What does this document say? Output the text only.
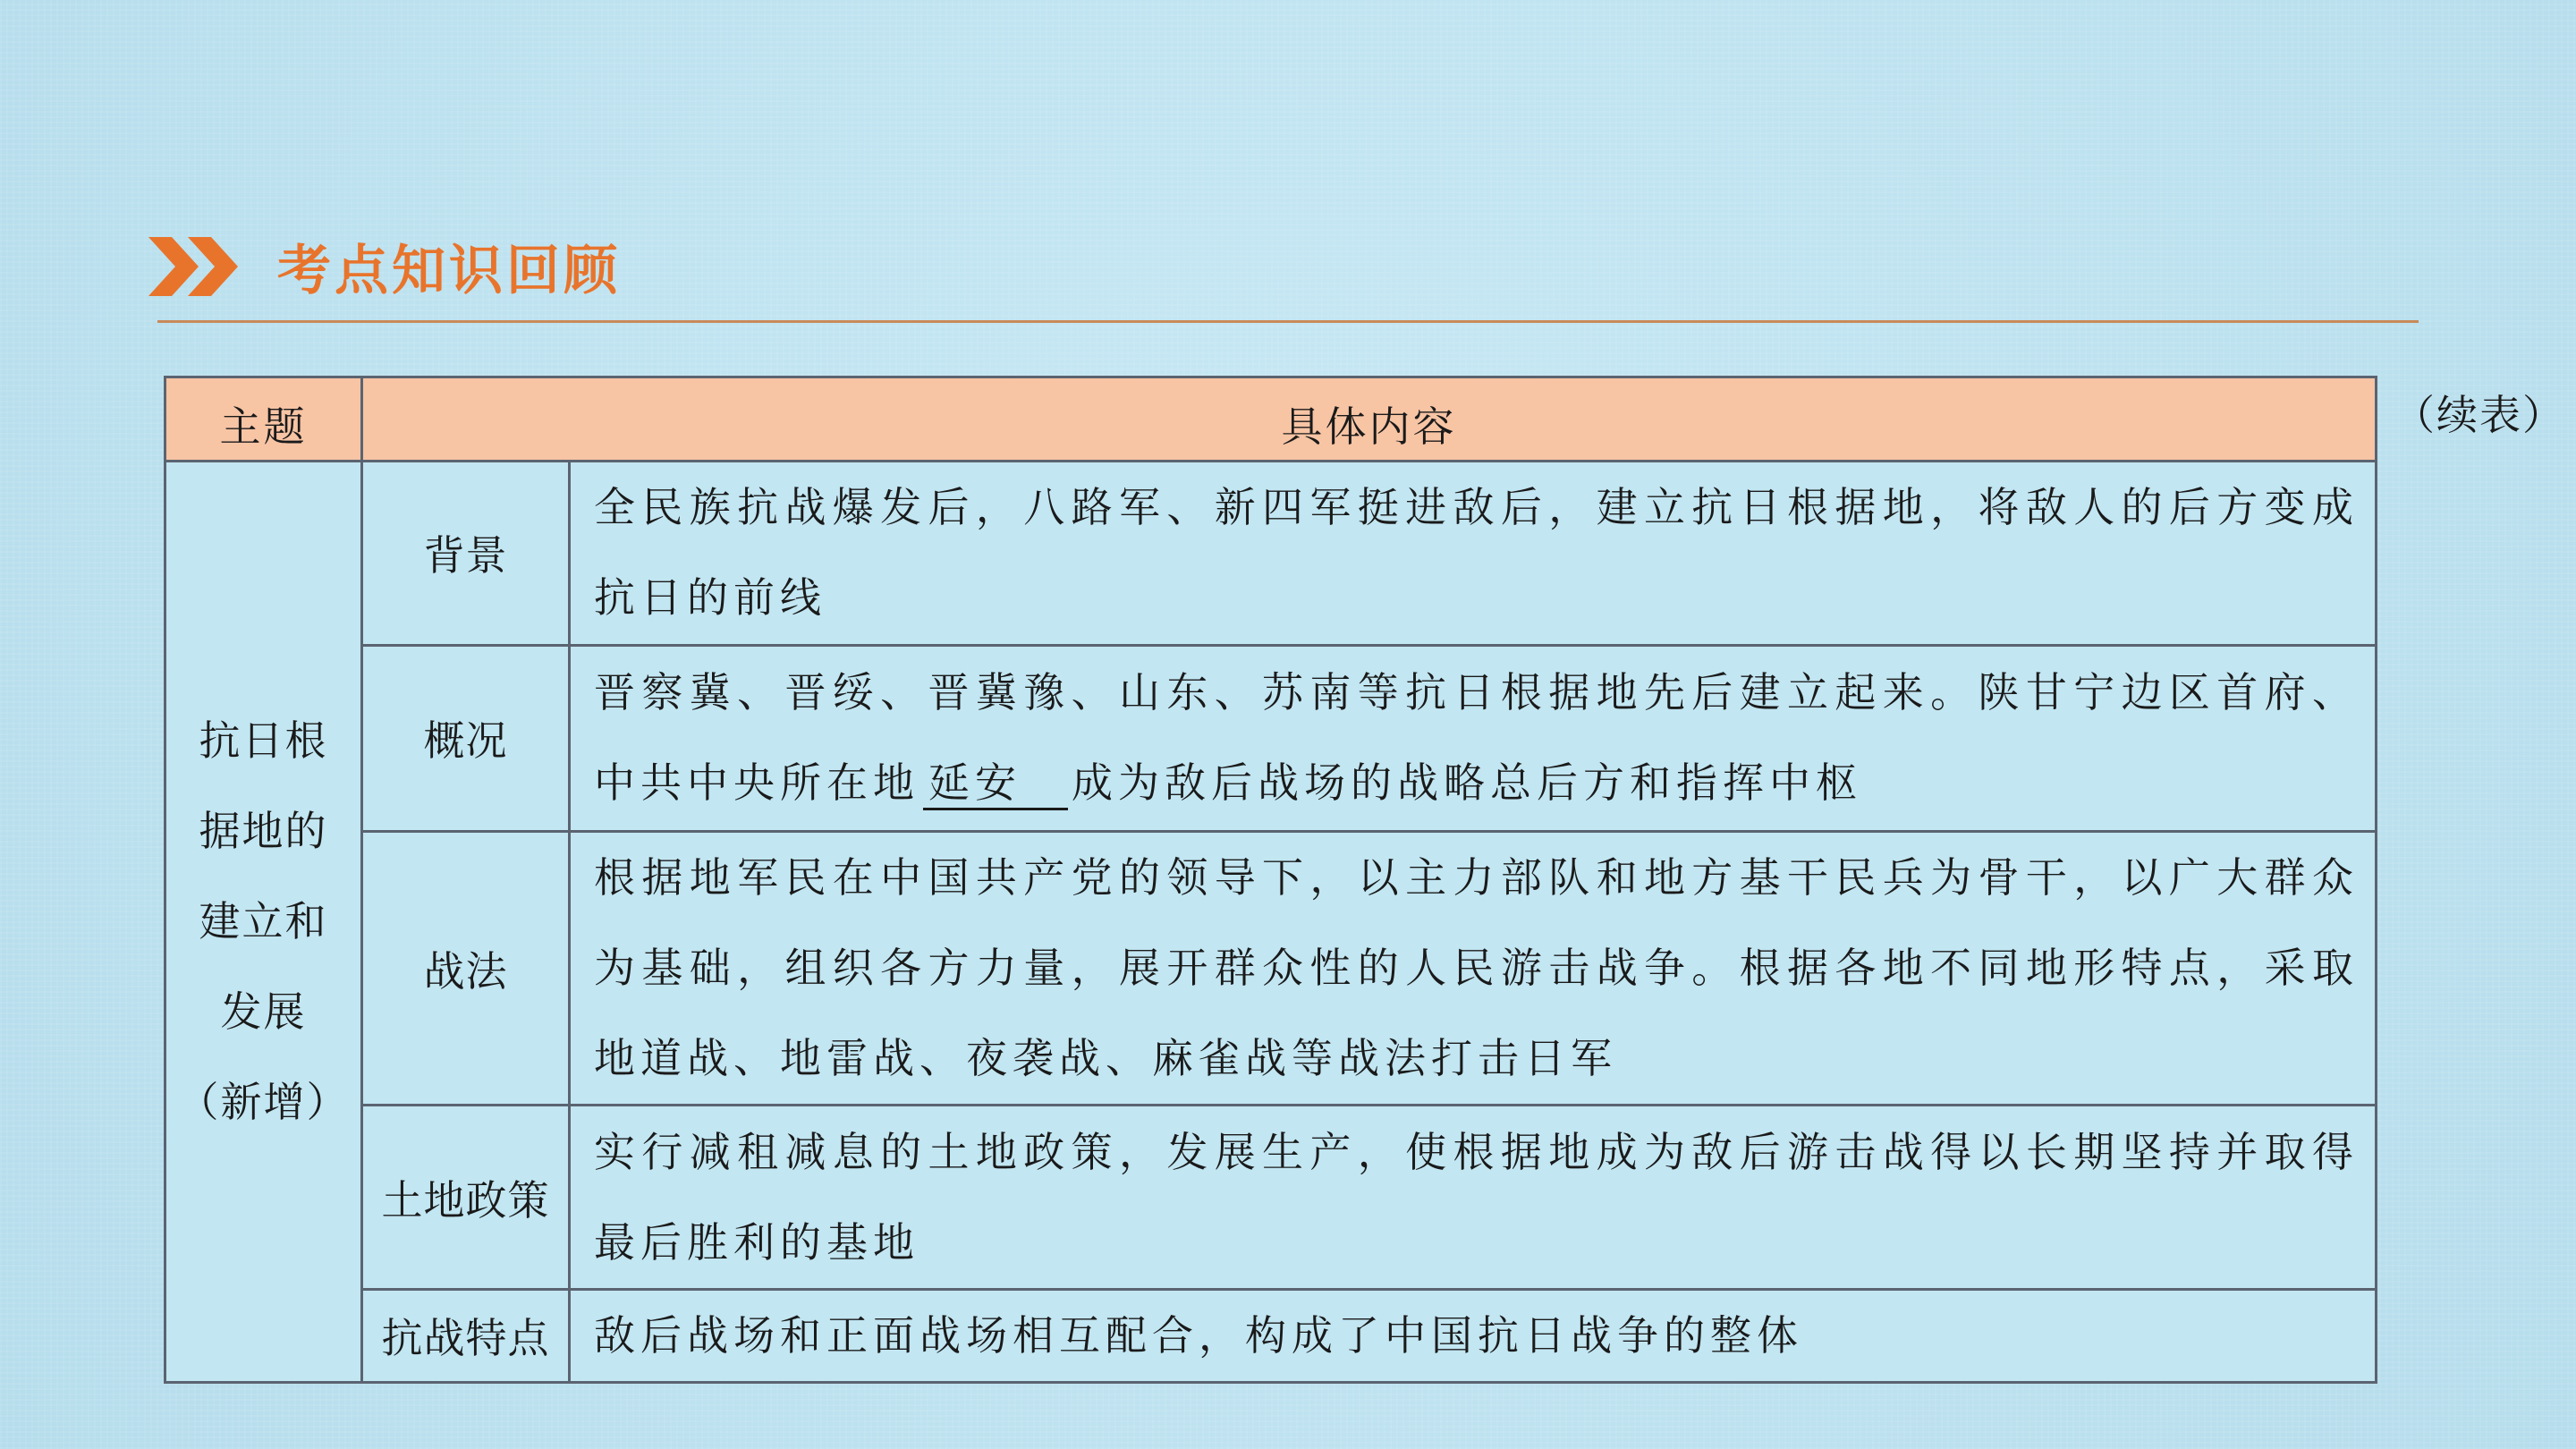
考点知识回顾
（续表）
主题	具体内容	

抗日根
据地的
建立和
发展
（新增）	背景	全民族抗战爆发后，八路军、新四军挺进敌后，建立抗日根据地，将敌人的后方变成抗日的前线
	概况	晋察冀、晋绥、晋冀豫、山东、苏南等抗日根据地先后建立起来。陕甘宁边区首府、中共中央所在地 延安 成为敌后战场的战略总后方和指挥中枢
	战法	根据地军民在中国共产党的领导下，以主力部队和地方基干民兵为骨干，以广大群众为基础，组织各方力量，展开群众性的人民游击战争。根据各地不同地形特点，采取地道战、地雷战、夜袭战、麻雀战等战法打击日军
	土地政策	实行减租减息的土地政策，发展生产，使根据地成为敌后游击战得以长期坚持并取得最后胜利的基地
	抗战特点	敌后战场和正面战场相互配合，构成了中国抗日战争的整体
